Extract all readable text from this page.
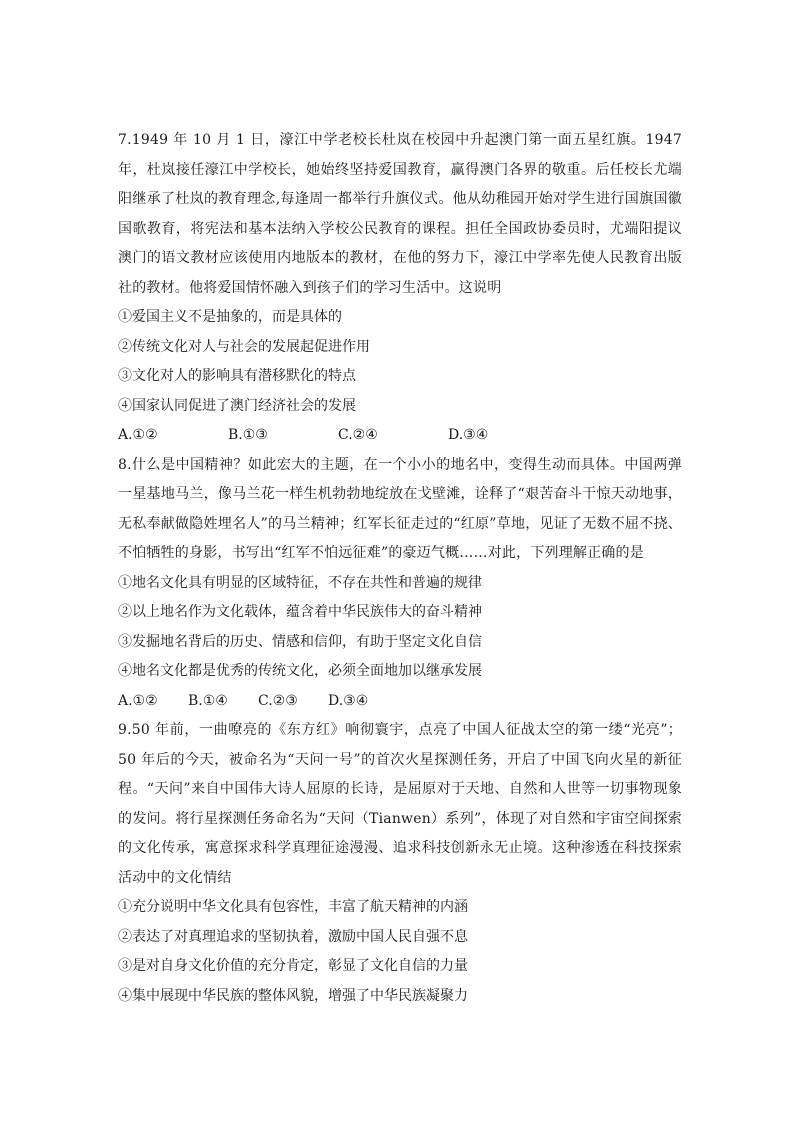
7.1949 年 10 月 1 日，濠江中学老校长杜岚在校园中升起澳门第一面五星红旗。1947 年，杜岚接任濠江中学校长，她始终坚持爱国教育，赢得澳门各界的敬重。后任校长尤端阳继承了杜岚的教育理念,每逢周一都举行升旗仪式。他从幼稚园开始对学生进行国旗国徽国歌教育，将宪法和基本法纳入学校公民教育的课程。担任全国政协委员时，尤端阳提议澳门的语文教材应该使用内地版本的教材，在他的努力下，濠江中学率先使人民教育出版社的教材。他将爱国情怀融入到孩子们的学习生活中。这说明

①爱国主义不是抽象的，而是具体的

②传统文化对人与社会的发展起促进作用

③文化对人的影响具有潜移默化的特点

④国家认同促进了澳门经济社会的发展

A.①②	B.①③	C.②④	D.③④

8.什么是中国精神？如此宏大的主题，在一个小小的地名中，变得生动而具体。中国两弹一星基地马兰，像马兰花一样生机勃勃地绽放在戈壁滩，诠释了“艰苦奋斗干惊天动地事，无私奉献做隐姓埋名人”的马兰精神；红军长征走过的“红原”草地，见证了无数不屈不挠、不怕牺牲的身影，书写出“红军不怕远征难”的豪迈气概……对此，下列理解正确的是

①地名文化具有明显的区域特征，不存在共性和普遍的规律

②以上地名作为文化载体，蕴含着中华民族伟大的奋斗精神

③发掘地名背后的历史、情感和信仰，有助于坚定文化自信

④地名文化都是优秀的传统文化，必须全面地加以继承发展

A.①②	B.①④	C.②③	D.③④

9.50 年前，一曲嘹亮的《东方红》响彻寰宇，点亮了中国人征战太空的第一缕“光亮”；50 年后的今天，被命名为“天问一号”的首次火星探测任务，开启了中国飞向火星的新征程。“天问”来自中国伟大诗人屈原的长诗，是屈原对于天地、自然和人世等一切事物现象的发问。将行星探测任务命名为“天问（Tianwen）系列”，体现了对自然和宇宙空间探索的文化传承，寓意探求科学真理征途漫漫、追求科技创新永无止境。这种渗透在科技探索活动中的文化情结

①充分说明中华文化具有包容性，丰富了航天精神的内涵

②表达了对真理追求的坚韧执着，激励中国人民自强不息

③是对自身文化价值的充分肯定，彰显了文化自信的力量

④集中展现中华民族的整体风貌，增强了中华民族凝聚力
